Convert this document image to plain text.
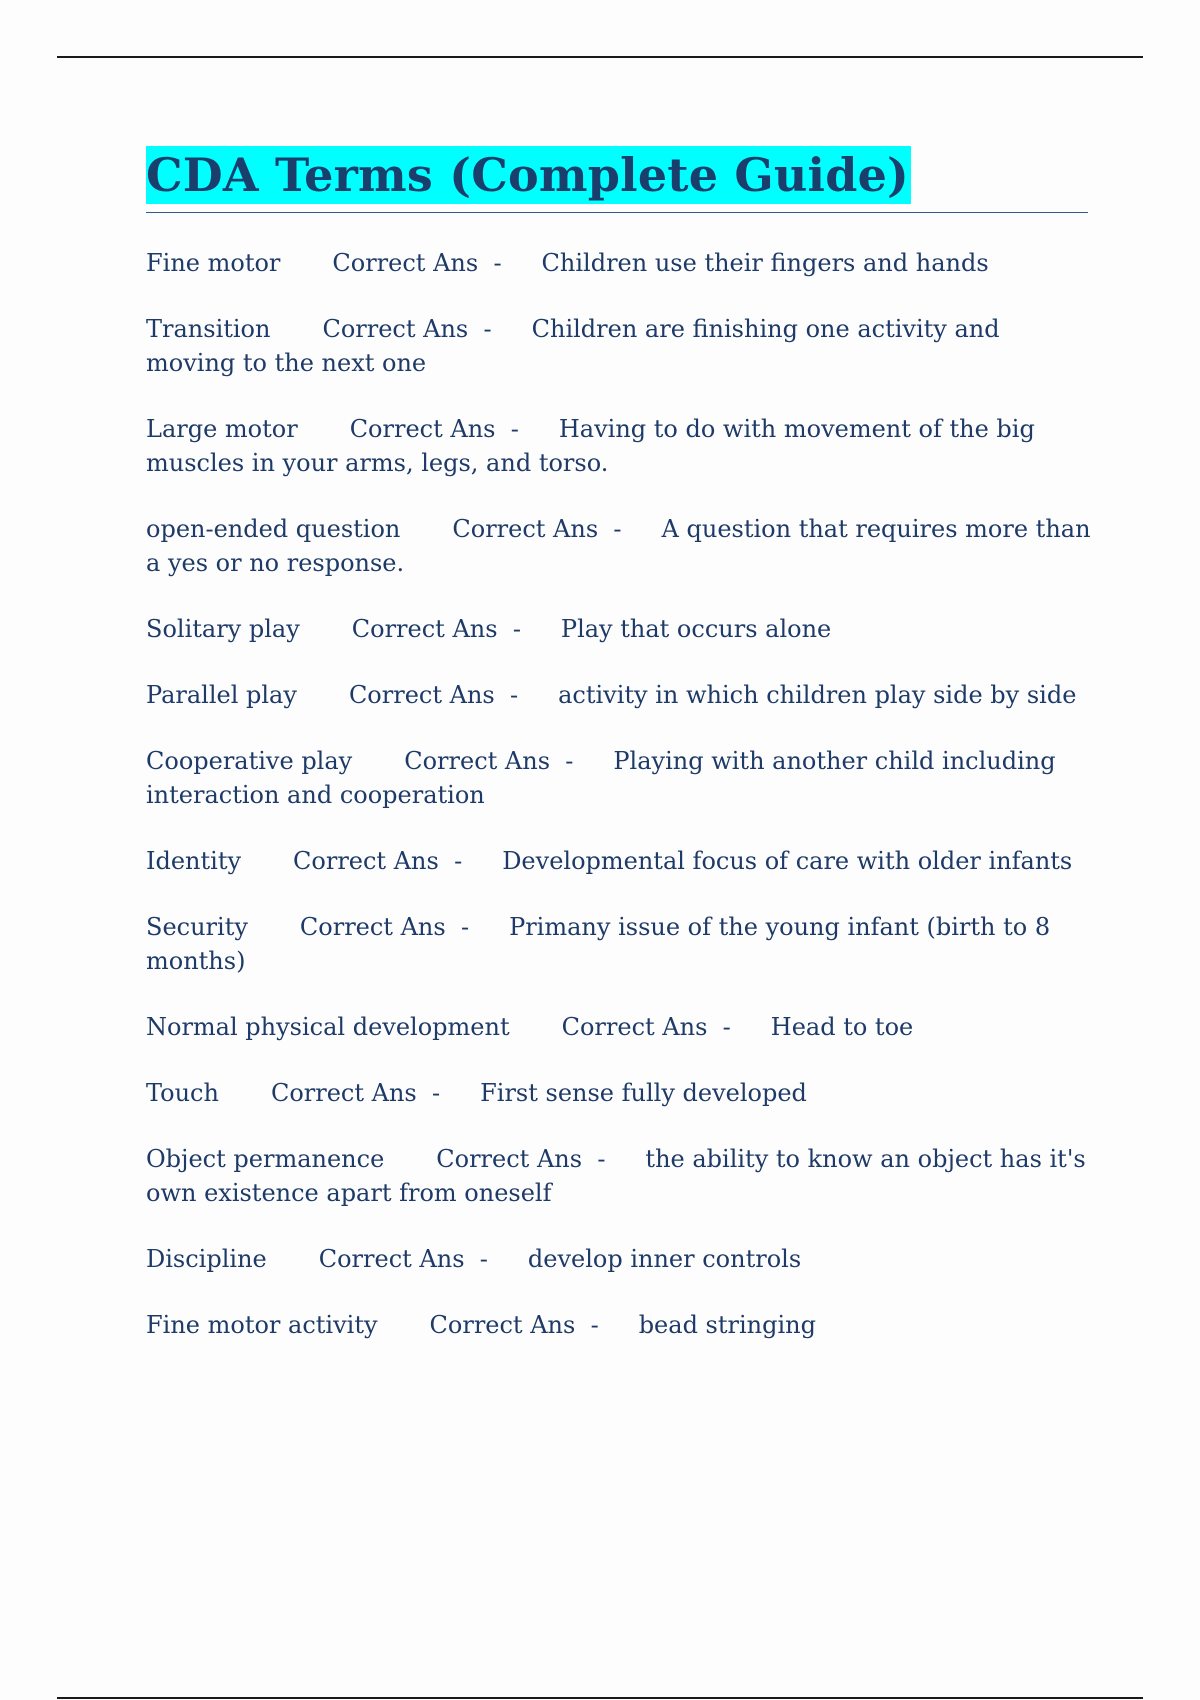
CDA Terms (Complete Guide)
Fine motor Correct Ans - Children use their fingers and hands
Transition Correct Ans - Children are finishing one activity and moving to the next one
Large motor Correct Ans - Having to do with movement of the big muscles in your arms, legs, and torso.
open-ended question Correct Ans - A question that requires more than a yes or no response.
Solitary play Correct Ans - Play that occurs alone
Parallel play Correct Ans - activity in which children play side by side
Cooperative play Correct Ans - Playing with another child including interaction and cooperation
Identity Correct Ans - Developmental focus of care with older infants
Security Correct Ans - Primany issue of the young infant (birth to 8 months)
Normal physical development Correct Ans - Head to toe
Touch Correct Ans - First sense fully developed
Object permanence Correct Ans - the ability to know an object has it's own existence apart from oneself
Discipline Correct Ans - develop inner controls
Fine motor activity Correct Ans - bead stringing
